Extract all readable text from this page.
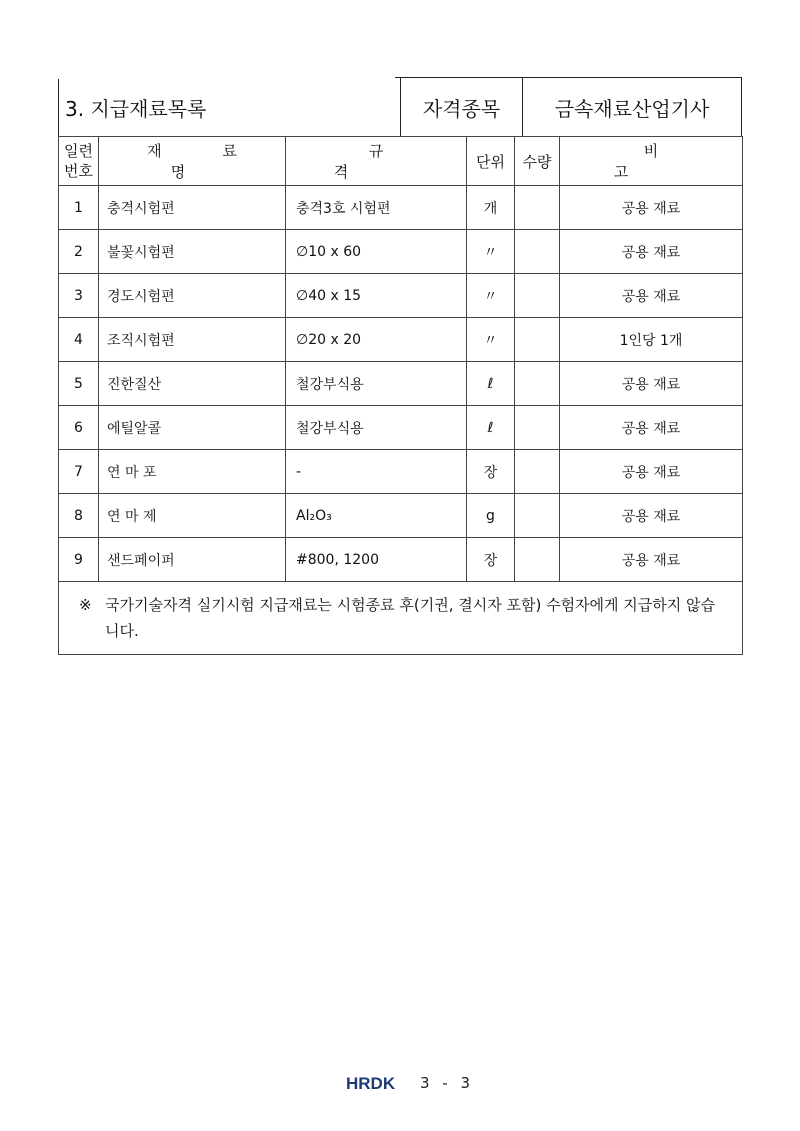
3. 지급재료목록	자격종목	금속재료산업기사
일련
번호	재 료 명	규 격	단위	수량	비 고
1	충격시험편	충격3호 시험편	개		공용 재료
2	불꽃시험편	∅10 x 60	〃		공용 재료
3	경도시험편	∅40 x 15	〃		공용 재료
4	조직시험편	∅20 x 20	〃		1인당 1개
5	진한질산	철강부식용	ℓ		공용 재료
6	에틸알콜	철강부식용	ℓ		공용 재료
7	연 마 포	-	장		공용 재료
8	연 마 제	Al₂O₃	g		공용 재료
9	샌드페이퍼	#800, 1200	장		공용 재료

※ 국가기술자격 실기시험 지급재료는 시험종료 후(기권, 결시자 포함) 수험자에게 지급하지 않습니다.					
HRDK 3 - 3
